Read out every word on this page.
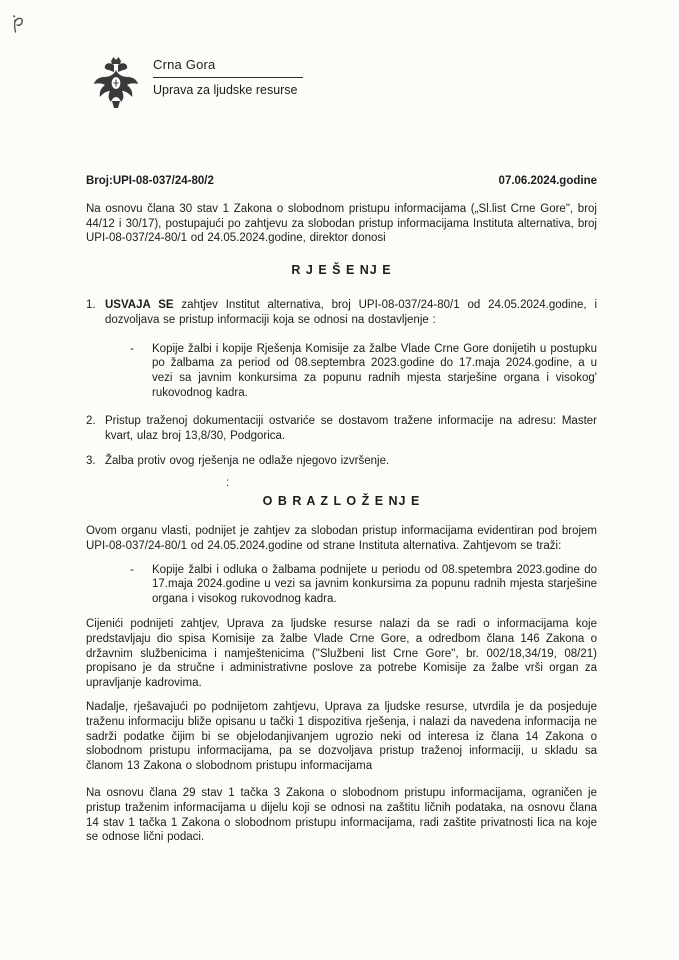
Crna Gora
Uprava za ljudske resurse
Broj:UPI-08-037/24-80/2	07.06.2024.godine

Na osnovu člana 30 stav 1 Zakona o slobodnom pristupu informacijama („Sl.list Crne Gore", broj 44/12 i 30/17), postupajući po zahtjevu za slobodan pristup informacijama Instituta alternativa, broj UPI-08-037/24-80/1 od 24.05.2024.godine, direktor donosi

R J E Š E NJ E
1. USVAJA SE zahtjev Institut alternativa, broj UPI-08-037/24-80/1 od 24.05.2024.godine, i dozvoljava se pristup informaciji koja se odnosi na dostavljenje :

-	Kopije žalbi i kopije Rješenja Komisije za žalbe Vlade Crne Gore donijetih u postupku po žalbama za period od 08.septembra 2023.godine do 17.maja 2024.godine, a u vezi sa javnim konkursima za popunu radnih mjesta starješine organa i visokog' rukovodnog kadra.

2. Pristup traženoj dokumentaciji ostvariće se dostavom tražene informacije na adresu: Master kvart, ulaz broj 13,8/30, Podgorica.

3. Žalba protiv ovog rješenja ne odlaže njegovo izvršenje.

:
O B R A Z L O Ž E NJ E

Ovom organu vlasti, podnijet je zahtjev za slobodan pristup informacijama evidentiran pod brojem UPI-08-037/24-80/1 od 24.05.2024.godine od strane Instituta alternativa. Zahtjevom se traži:

-	Kopije žalbi i odluka o žalbama podnijete u periodu od 08.spetembra 2023.godine do 17.maja 2024.godine u vezi sa javnim konkursima za popunu radnih mjesta starješine organa i visokog rukovodnog kadra.

Cijenići podnijeti zahtjev, Uprava za ljudske resurse nalazi da se radi o informacijama koje predstavljaju dio spisa Komisije za žalbe Vlade Crne Gore, a odredbom člana 146 Zakona o državnim službenicima i namještenicima ("Službeni list Crne Gore", br. 002/18,34/19, 08/21) propisano je da stručne i administrativne poslove za potrebe Komisije za žalbe vrši organ za upravljanje kadrovima.

Nadalje, rješavajući po podnijetom zahtjevu, Uprava za ljudske resurse, utvrdila je da posjeduje traženu informaciju bliže opisanu u tački 1 dispozitiva rješenja, i nalazi da navedena informacija ne sadrži podatke čijim bi se objelodanjivanjem ugrozio neki od interesa iz člana 14 Zakona o slobodnom pristupu informacijama, pa se dozvoljava pristup traženoj informaciji, u skladu sa članom 13 Zakona o slobodnom pristupu informacijama

Na osnovu člana 29 stav 1 tačka 3 Zakona o slobodnom pristupu informacijama, ograničen je pristup traženim informacijama u dijelu koji se odnosi na zaštitu ličnih podataka, na osnovu člana 14 stav 1 tačka 1 Zakona o slobodnom pristupu informacijama, radi zaštite privatnosti lica na koje se odnose lični podaci.
